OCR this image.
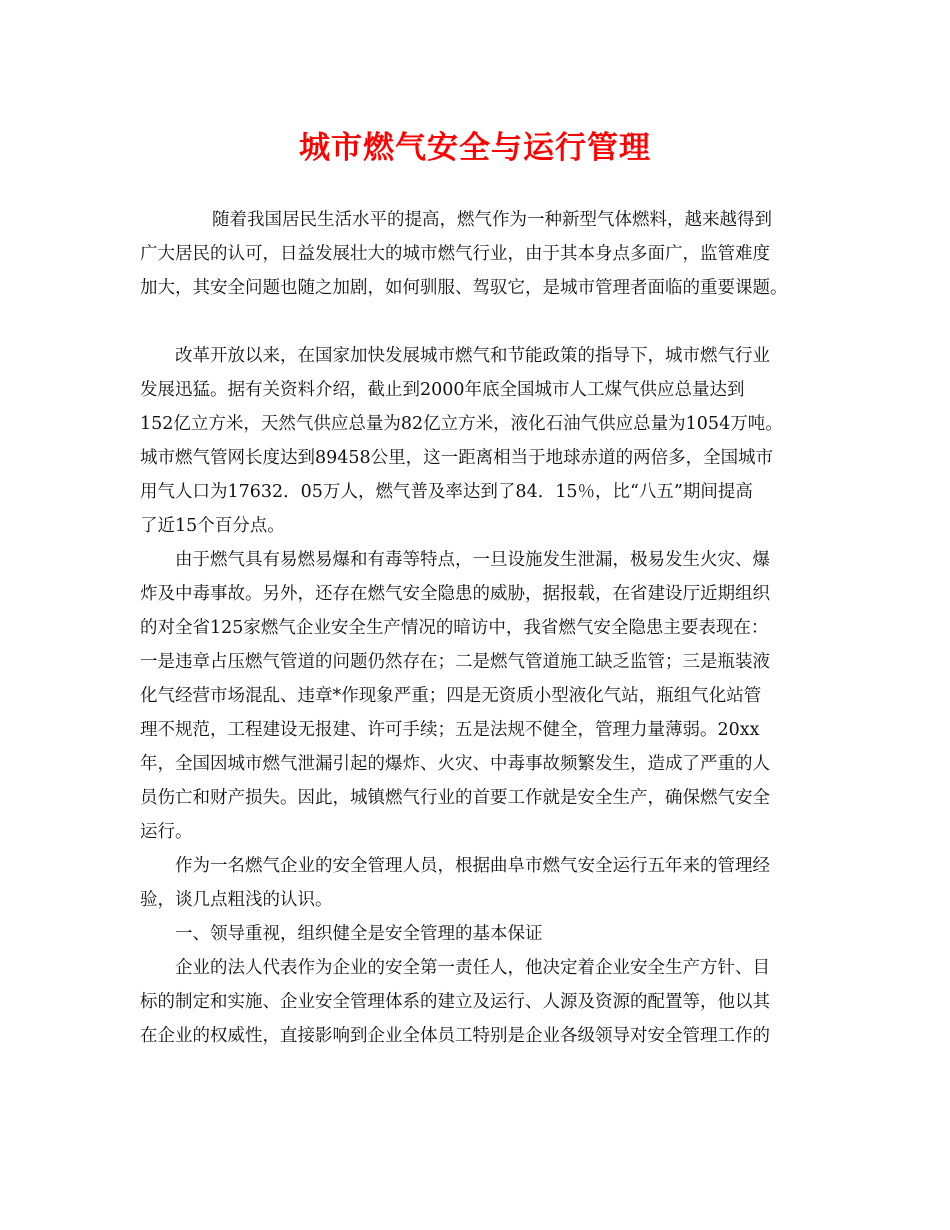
城市燃气安全与运行管理
随着我国居民生活水平的提高，燃气作为一种新型气体燃料，越来越得到
广大居民的认可，日益发展壮大的城市燃气行业，由于其本身点多面广，监管难度
加大，其安全问题也随之加剧，如何驯服、驾驭它，是城市管理者面临的重要课题。
改革开放以来，在国家加快发展城市燃气和节能政策的指导下，城市燃气行业
发展迅猛。据有关资料介绍，截止到2000年底全国城市人工煤气供应总量达到
152亿立方米，天然气供应总量为82亿立方米，液化石油气供应总量为1054万吨。
城市燃气管网长度达到89458公里，这一距离相当于地球赤道的两倍多，全国城市
用气人口为17632．05万人，燃气普及率达到了84．15％，比“八五”期间提高
了近15个百分点。
由于燃气具有易燃易爆和有毒等特点，一旦设施发生泄漏，极易发生火灾、爆
炸及中毒事故。另外，还存在燃气安全隐患的威胁，据报载，在省建设厅近期组织
的对全省125家燃气企业安全生产情况的暗访中，我省燃气安全隐患主要表现在：
一是违章占压燃气管道的问题仍然存在；二是燃气管道施工缺乏监管；三是瓶装液
化气经营市场混乱、违章*作现象严重；四是无资质小型液化气站，瓶组气化站管
理不规范，工程建设无报建、许可手续；五是法规不健全，管理力量薄弱。20xx
年，全国因城市燃气泄漏引起的爆炸、火灾、中毒事故频繁发生，造成了严重的人
员伤亡和财产损失。因此，城镇燃气行业的首要工作就是安全生产，确保燃气安全
运行。
作为一名燃气企业的安全管理人员，根据曲阜市燃气安全运行五年来的管理经
验，谈几点粗浅的认识。
一、领导重视，组织健全是安全管理的基本保证
企业的法人代表作为企业的安全第一责任人，他决定着企业安全生产方针、目
标的制定和实施、企业安全管理体系的建立及运行、人源及资源的配置等，他以其
在企业的权威性，直接影响到企业全体员工特别是企业各级领导对安全管理工作的
